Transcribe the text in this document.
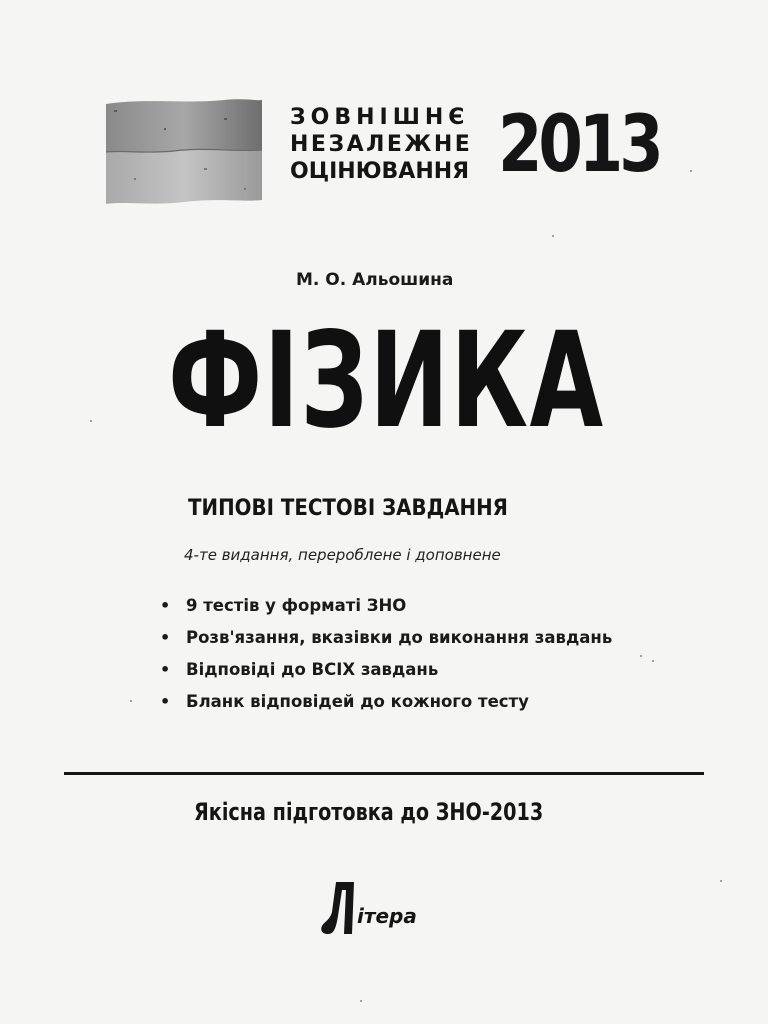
ЗОВНІШНЄ
НЕЗАЛЕЖНЕ
ОЦІНЮВАННЯ 2013
М. О. Альошина
ФІЗИКА
ТИПОВІ ТЕСТОВІ ЗАВДАННЯ
4-те видання, перероблене і доповнене
• 9 тестів у форматі ЗНО
• Розв'язання, вказівки до виконання завдань
• Відповіді до ВСІХ завдань
• Бланк відповідей до кожного тесту
Якісна підготовка до ЗНО-2013
ітера
